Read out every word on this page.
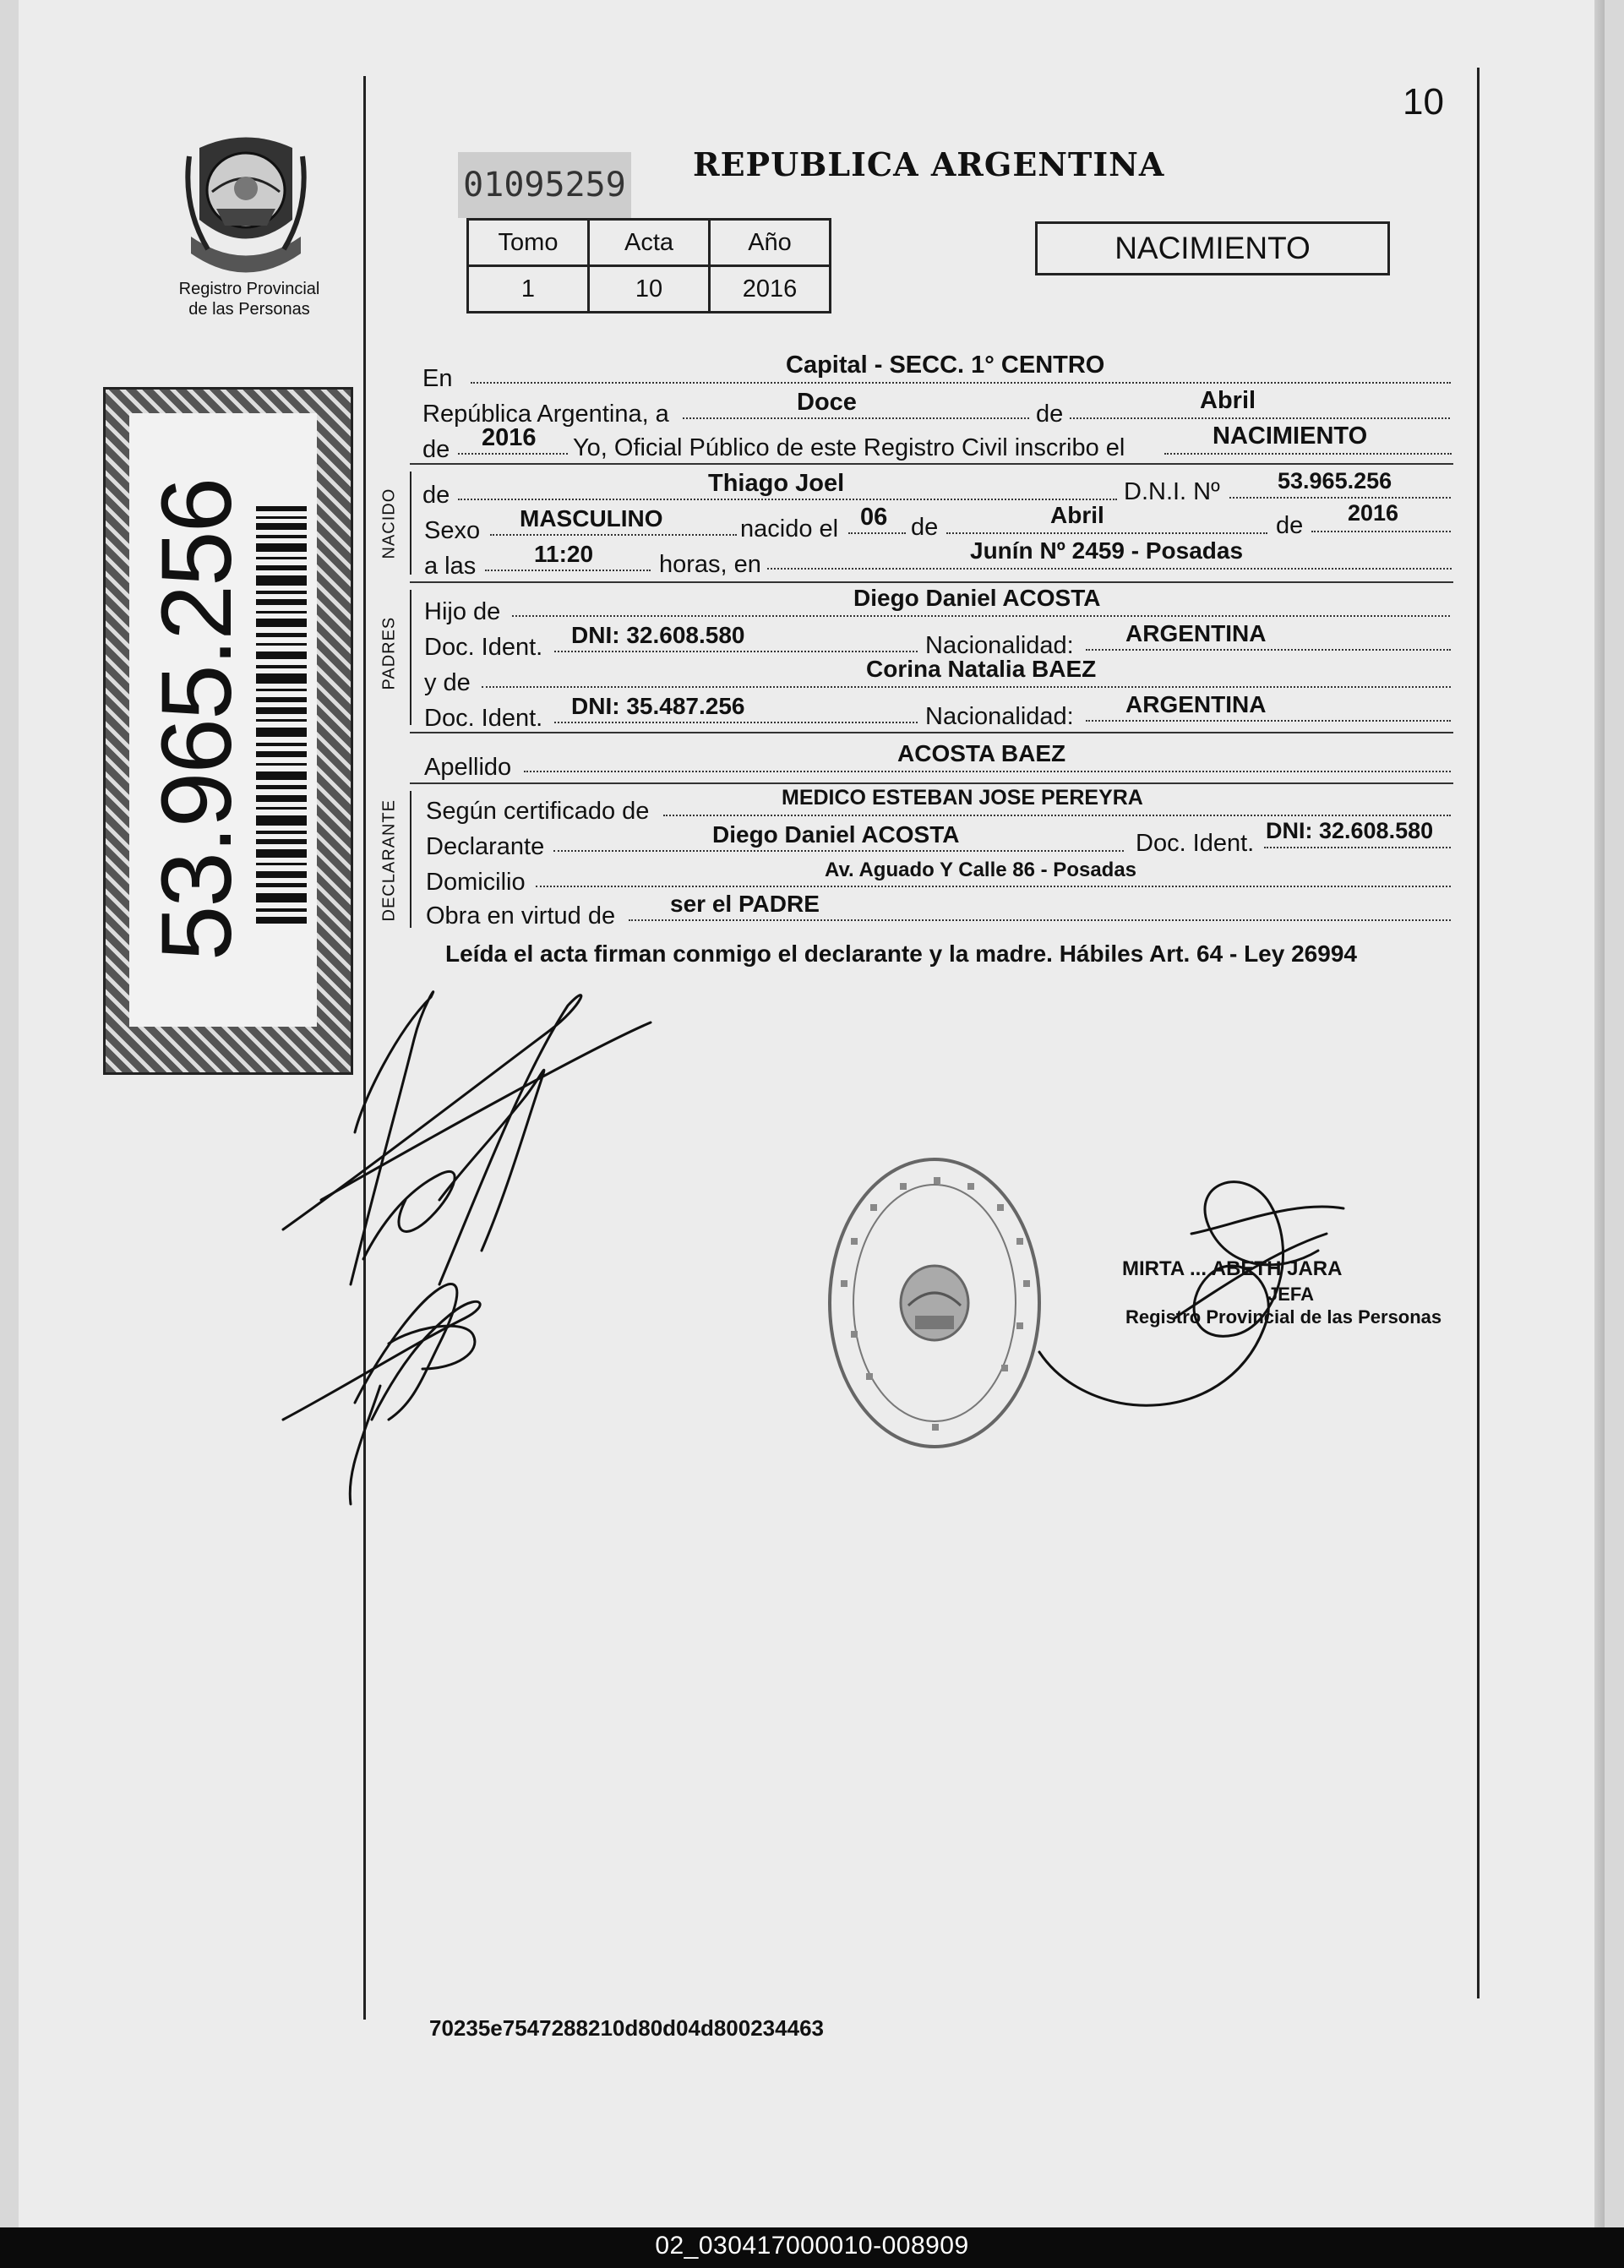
10
Registro Provincial
de las Personas
53.965.256
01095259
REPUBLICA ARGENTINA
Tomo	Acta	Año
1	10	2016
NACIMIENTO
En	Capital - SECC. 1° CENTRO
República Argentina, a	Doce	de	Abril
de 2016 Yo, Oficial Público de este Registro Civil inscribo el	NACIMIENTO
NACIDO de	Thiago Joel	D.N.I. Nº	53.965.256
Sexo MASCULINO	nacido el 06 de	Abril	de 2016
a las 11:20	horas, en
Junín Nº 2459 - Posadas
PADRES
Hijo de
Diego Daniel ACOSTA
Doc. Ident. DNI: 32.608.580	Nacionalidad: ARGENTINA
y de
Corina Natalia BAEZ
Doc. Ident. DNI: 35.487.256	Nacionalidad: ARGENTINA
Apellido
ACOSTA BAEZ
DECLARANTE Según certificado de	MEDICO ESTEBAN JOSE PEREYRA
Declarante	Diego Daniel ACOSTA	Doc. Ident. DNI: 32.608.580
Domicilio	Av. Aguado Y Calle 86 - Posadas
Obra en virtud de ser el PADRE
Leída el acta firman conmigo el declarante y la madre. Hábiles Art. 64 - Ley 26994
MIRTA ... ABETH JARA
JEFA
Registro Provincial de las Personas
70235e7547288210d80d04d800234463
02_030417000010-008909
